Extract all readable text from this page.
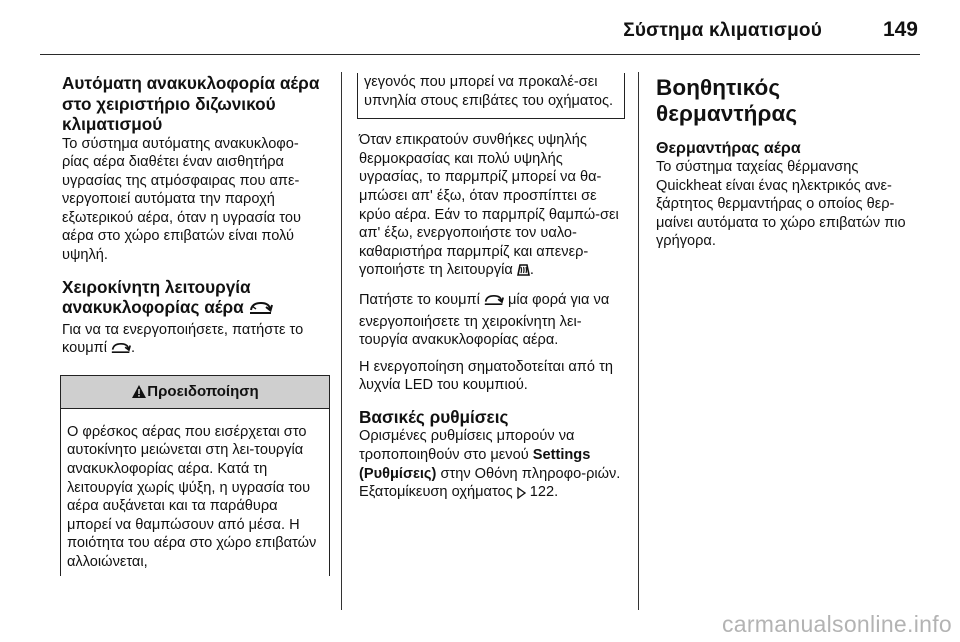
Σύστημα κλιματισμού	149
Αυτόματη ανακυκλοφορία αέρα στο χειριστήριο διζωνικού κλιματισμού

Το σύστημα αυτόματης ανακυκλοφο‐ρίας αέρα διαθέτει έναν αισθητήρα υγρασίας της ατμόσφαιρας που απε‐νεργοποιεί αυτόματα την παροχή εξωτερικού αέρα, όταν η υγρασία του αέρα στο χώρο επιβατών είναι πολύ υψηλή.

Χειροκίνητη λειτουργία ανακυκλοφορίας αέρα

Για να τα ενεργοποιήσετε, πατήστε το κουμπί .

Προειδοποίηση
Ο φρέσκος αέρας που εισέρχεται στο αυτοκίνητο μειώνεται στη λει‐τουργία ανακυκλοφορίας αέρα. Κατά τη λειτουργία χωρίς ψύξη, η υγρασία του αέρα αυξάνεται και τα παράθυρα μπορεί να θαμπώσουν από μέσα. Η ποιότητα του αέρα στο χώρο επιβατών αλλοιώνεται,

γεγονός που μπορεί να προκαλέ‐σει υπνηλία στους επιβάτες του οχήματος.

Όταν επικρατούν συνθήκες υψηλής θερμοκρασίας και πολύ υψηλής υγρασίας, το παρμπρίζ μπορεί να θα‐μπώσει απ' έξω, όταν προσπίπτει σε κρύο αέρα. Εάν το παρμπρίζ θαμπώ‐σει απ' έξω, ενεργοποιήστε τον υαλο‐καθαριστήρα παρμπρίζ και απενερ‐γοποιήστε τη λειτουργία .

Πατήστε το κουμπί μία φορά για να ενεργοποιήσετε τη χειροκίνητη λει‐τουργία ανακυκλοφορίας αέρα.

Η ενεργοποίηση σηματοδοτείται από τη λυχνία LED του κουμπιού.

Βασικές ρυθμίσεις

Ορισμένες ρυθμίσεις μπορούν να τροποποιηθούν στο μενού Settings (Ρυθμίσεις) στην Οθόνη πληροφο‐ριών. Εξατομίκευση οχήματος 122.

Βοηθητικός θερμαντήρας
Θερμαντήρας αέρα

Το σύστημα ταχείας θέρμανσης Quickheat είναι ένας ηλεκτρικός ανε‐ξάρτητος θερμαντήρας ο οποίος θερ‐μαίνει αυτόματα το χώρο επιβατών πιο γρήγορα.

carmanualsonline.info
